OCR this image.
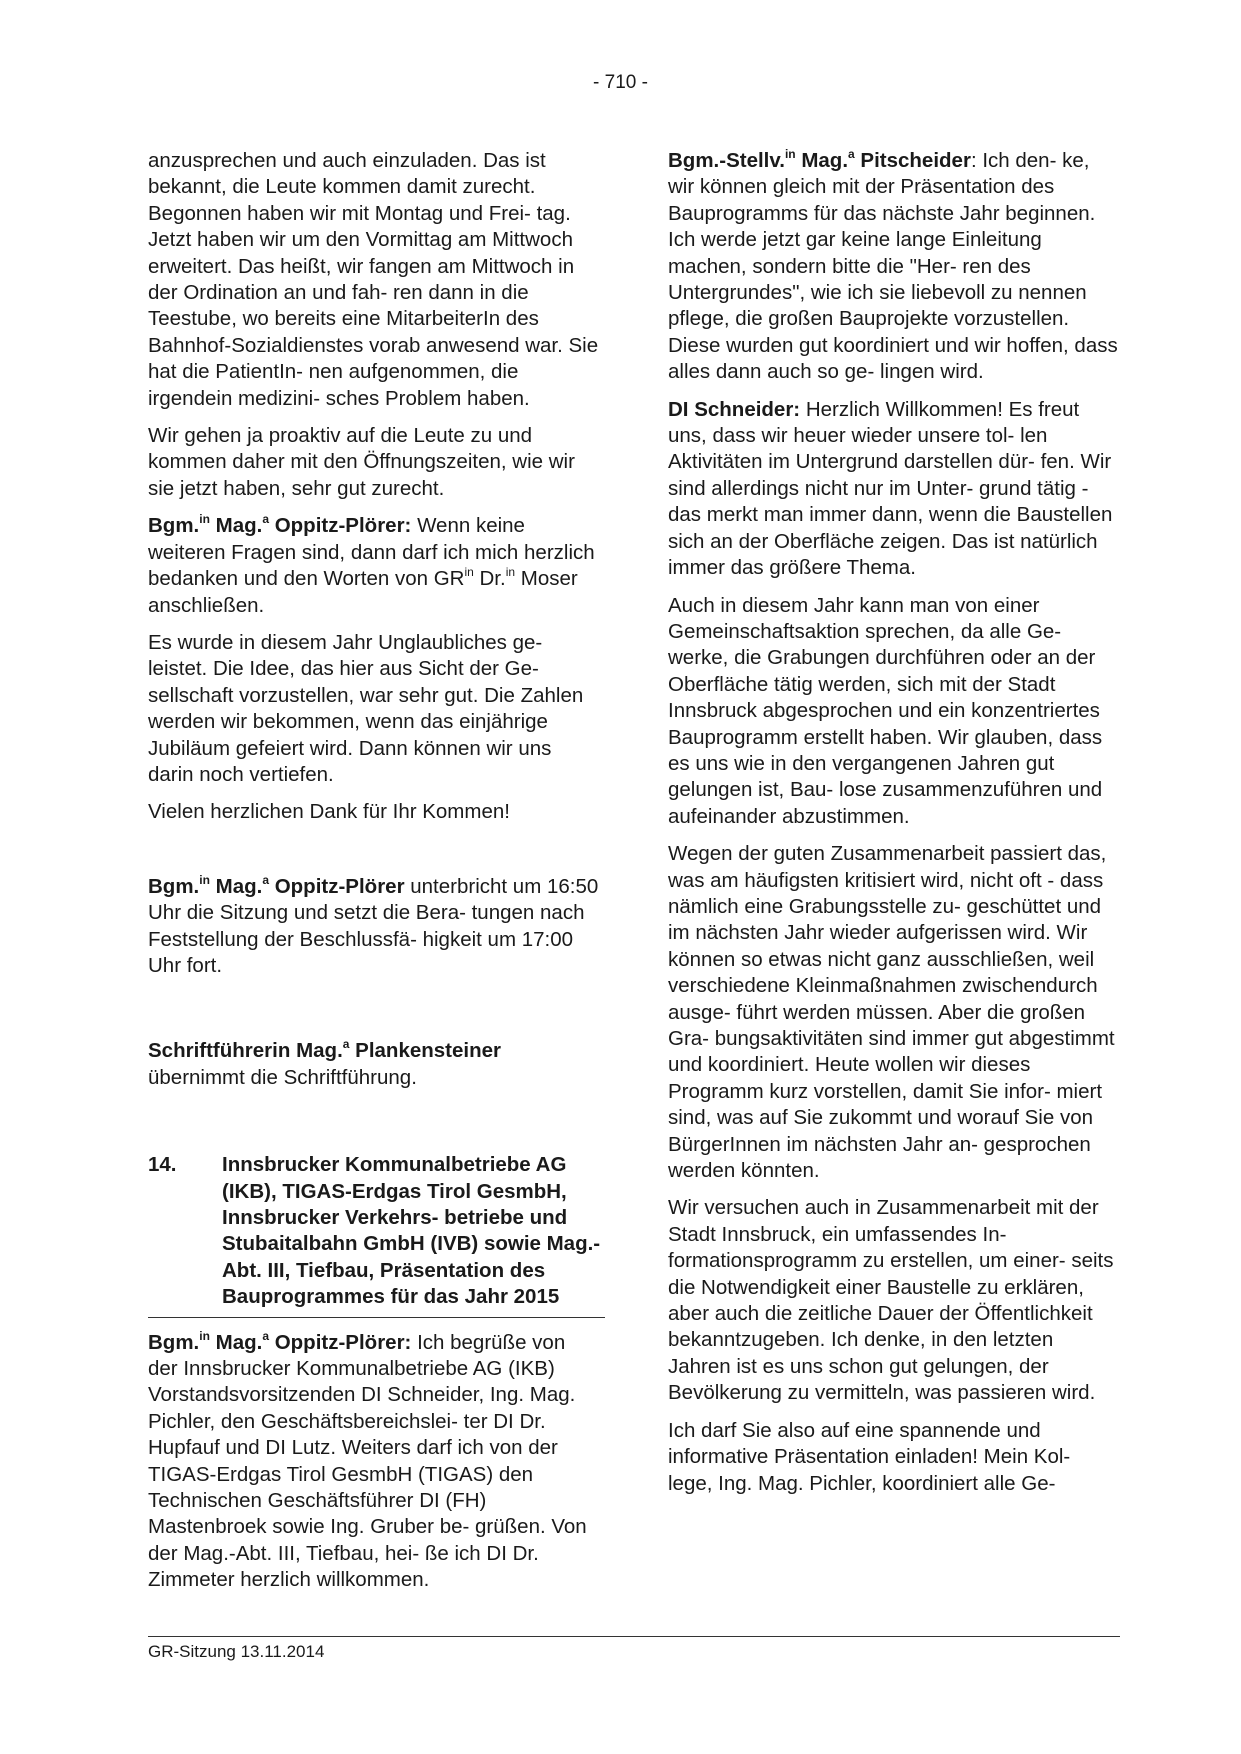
- 710 -

anzusprechen und auch einzuladen. Das ist bekannt, die Leute kommen damit zurecht. Begonnen haben wir mit Montag und Frei- tag. Jetzt haben wir um den Vormittag am Mittwoch erweitert. Das heißt, wir fangen am Mittwoch in der Ordination an und fah- ren dann in die Teestube, wo bereits eine MitarbeiterIn des Bahnhof-Sozialdienstes vorab anwesend war. Sie hat die PatientIn- nen aufgenommen, die irgendein medizini- sches Problem haben.

Wir gehen ja proaktiv auf die Leute zu und kommen daher mit den Öffnungszeiten, wie wir sie jetzt haben, sehr gut zurecht.

Bgm.$^{in}$ Mag.$^a$ Oppitz-Plörer: Wenn keine weiteren Fragen sind, dann darf ich mich herzlich bedanken und den Worten von $GR^{in}$ Dr.$^{in}$ Moser anschließen.

Es wurde in diesem Jahr Unglaubliches ge- leistet. Die Idee, das hier aus Sicht der Ge- sellschaft vorzustellen, war sehr gut. Die Zahlen werden wir bekommen, wenn das einjährige Jubiläum gefeiert wird. Dann können wir uns darin noch vertiefen.

Vielen herzlichen Dank für Ihr Kommen!

Bgm.$^{in}$ Mag.$^a$ Oppitz-Plörer unterbricht um 16:50 Uhr die Sitzung und setzt die Bera- tungen nach Feststellung der Beschlussfä- higkeit um 17:00 Uhr fort.

Schriftführerin Mag.$^a$ Plankensteiner
übernimmt die Schriftführung.

14.	Innsbrucker Kommunalbetriebe AG (IKB), TIGAS-Erdgas Tirol GesmbH, Innsbrucker Verkehrs- betriebe und Stubaitalbahn GmbH (IVB) sowie Mag.-Abt. III, Tiefbau, Präsentation des Bauprogrammes für das Jahr 2015

Bgm.$^{in}$ Mag.$^a$ Oppitz-Plörer: Ich begrüße von der Innsbrucker Kommunalbetriebe AG (IKB) Vorstandsvorsitzenden DI Schneider, Ing. Mag. Pichler, den Geschäftsbereichslei- ter DI Dr. Hupfauf und DI Lutz. Weiters darf ich von der TIGAS-Erdgas Tirol GesmbH (TIGAS) den Technischen Geschäftsführer DI (FH) Mastenbroek sowie Ing. Gruber be- grüßen. Von der Mag.-Abt. III, Tiefbau, hei- ße ich DI Dr. Zimmeter herzlich willkommen.

Bgm.-Stellv.$^{in}$ Mag.$^a$ Pitscheider: Ich den- ke, wir können gleich mit der Präsentation des Bauprogramms für das nächste Jahr beginnen. Ich werde jetzt gar keine lange Einleitung machen, sondern bitte die "Her- ren des Untergrundes", wie ich sie liebevoll zu nennen pflege, die großen Bauprojekte vorzustellen. Diese wurden gut koordiniert und wir hoffen, dass alles dann auch so ge- lingen wird.

DI Schneider: Herzlich Willkommen! Es freut uns, dass wir heuer wieder unsere tol- len Aktivitäten im Untergrund darstellen dür- fen. Wir sind allerdings nicht nur im Unter- grund tätig - das merkt man immer dann, wenn die Baustellen sich an der Oberfläche zeigen. Das ist natürlich immer das größere Thema.

Auch in diesem Jahr kann man von einer Gemeinschaftsaktion sprechen, da alle Ge- werke, die Grabungen durchführen oder an der Oberfläche tätig werden, sich mit der Stadt Innsbruck abgesprochen und ein konzentriertes Bauprogramm erstellt haben. Wir glauben, dass es uns wie in den vergangenen Jahren gut gelungen ist, Bau- lose zusammenzuführen und aufeinander abzustimmen.

Wegen der guten Zusammenarbeit passiert das, was am häufigsten kritisiert wird, nicht oft - dass nämlich eine Grabungsstelle zu- geschüttet und im nächsten Jahr wieder aufgerissen wird. Wir können so etwas nicht ganz ausschließen, weil verschiedene Kleinmaßnahmen zwischendurch ausge- führt werden müssen. Aber die großen Gra- bungsaktivitäten sind immer gut abgestimmt und koordiniert. Heute wollen wir dieses Programm kurz vorstellen, damit Sie infor- miert sind, was auf Sie zukommt und worauf Sie von BürgerInnen im nächsten Jahr an- gesprochen werden könnten.

Wir versuchen auch in Zusammenarbeit mit der Stadt Innsbruck, ein umfassendes In- formationsprogramm zu erstellen, um einer- seits die Notwendigkeit einer Baustelle zu erklären, aber auch die zeitliche Dauer der Öffentlichkeit bekanntzugeben. Ich denke, in den letzten Jahren ist es uns schon gut gelungen, der Bevölkerung zu vermitteln, was passieren wird.

Ich darf Sie also auf eine spannende und informative Präsentation einladen! Mein Kol- lege, Ing. Mag. Pichler, koordiniert alle Ge-

GR-Sitzung 13.11.2014
